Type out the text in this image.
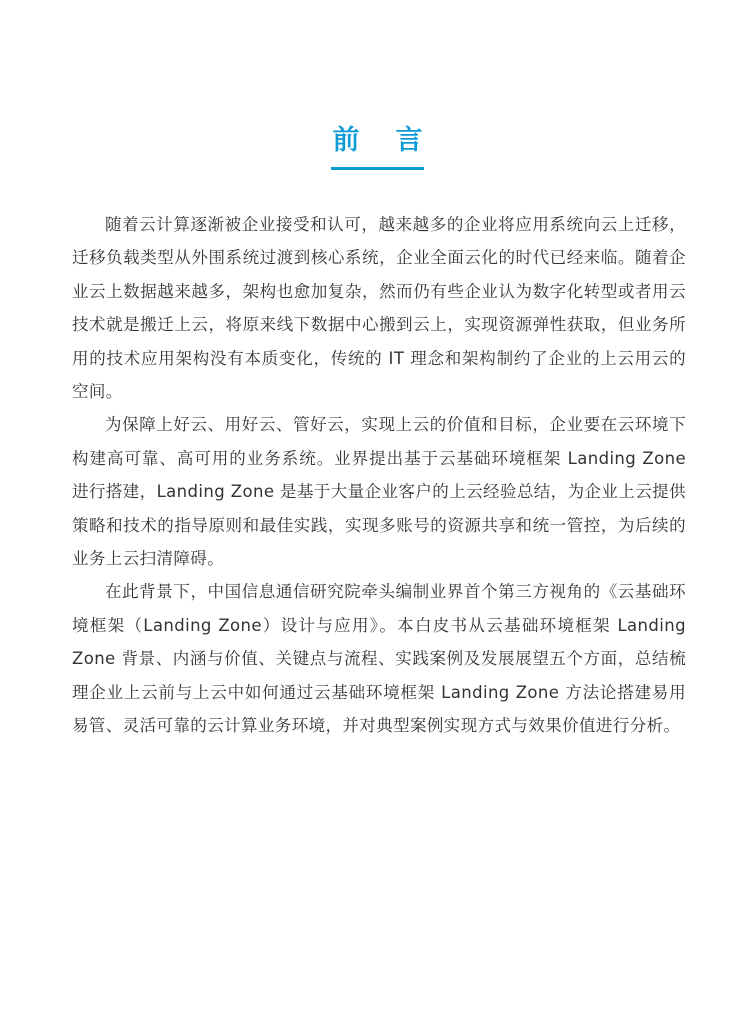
前言

随着云计算逐渐被企业接受和认可，越来越多的企业将应用系统向云上迁移，迁移负载类型从外围系统过渡到核心系统，企业全面云化的时代已经来临。随着企业云上数据越来越多，架构也愈加复杂，然而仍有些企业认为数字化转型或者用云技术就是搬迁上云，将原来线下数据中心搬到云上，实现资源弹性获取，但业务所用的技术应用架构没有本质变化，传统的 IT 理念和架构制约了企业的上云用云的空间。

为保障上好云、用好云、管好云，实现上云的价值和目标，企业要在云环境下构建高可靠、高可用的业务系统。业界提出基于云基础环境框架 Landing Zone 进行搭建，Landing Zone 是基于大量企业客户的上云经验总结，为企业上云提供策略和技术的指导原则和最佳实践，实现多账号的资源共享和统一管控，为后续的业务上云扫清障碍。

在此背景下，中国信息通信研究院牵头编制业界首个第三方视角的《云基础环境框架（Landing Zone）设计与应用》。本白皮书从云基础环境框架 Landing Zone 背景、内涵与价值、关键点与流程、实践案例及发展展望五个方面，总结梳理企业上云前与上云中如何通过云基础环境框架 Landing Zone 方法论搭建易用易管、灵活可靠的云计算业务环境，并对典型案例实现方式与效果价值进行分析。
